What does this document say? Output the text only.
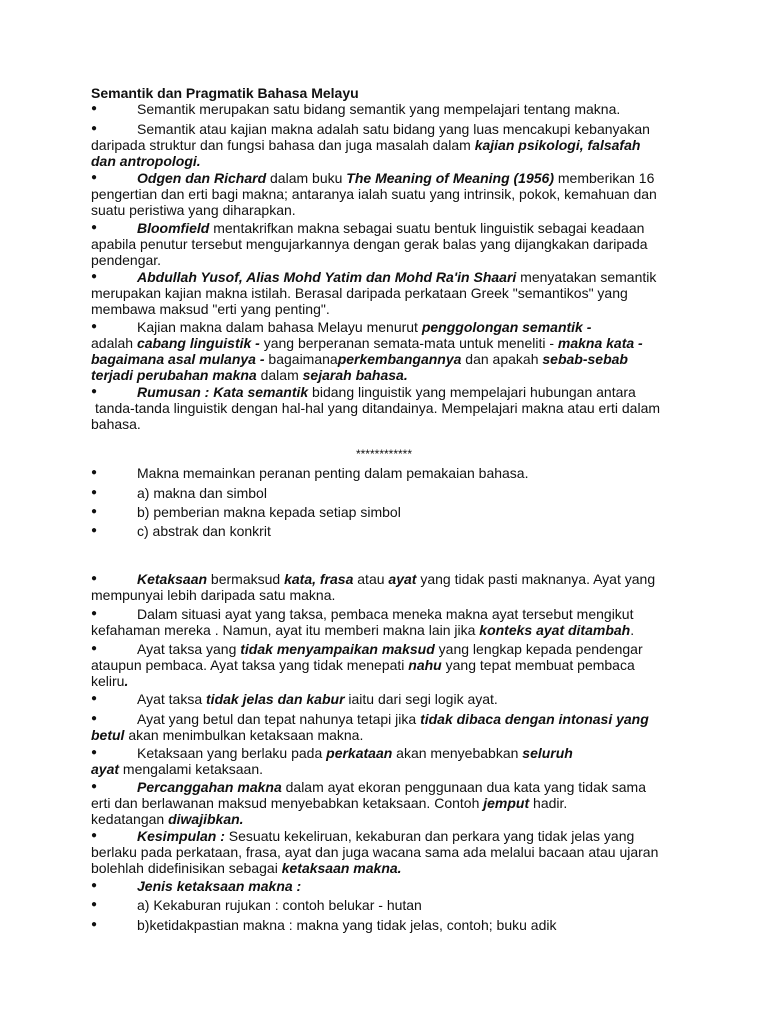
Semantik dan Pragmatik Bahasa Melayu
************
●
Semantik merupakan satu bidang semantik yang mempelajari tentang makna.
●
Semantik atau kajian makna adalah satu bidang yang luas mencakupi kebanyakan
daripada struktur dan fungsi bahasa dan juga masalah dalam kajian psikologi, falsafah
dan antropologi.
●
Odgen dan Richard dalam buku The Meaning of Meaning (1956) memberikan 16
pengertian dan erti bagi makna; antaranya ialah suatu yang intrinsik, pokok, kemahuan dan
suatu peristiwa yang diharapkan.
●
Bloomfield mentakrifkan makna sebagai suatu bentuk linguistik sebagai keadaan
apabila penutur tersebut mengujarkannya dengan gerak balas yang dijangkakan daripada
pendengar.
●
Abdullah Yusof, Alias Mohd Yatim dan Mohd Ra'in Shaari menyatakan semantik
merupakan kajian makna istilah. Berasal daripada perkataan Greek "semantikos" yang
membawa maksud "erti yang penting".
●
Kajian makna dalam bahasa Melayu menurut penggolongan semantik -
adalah cabang linguistik - yang berperanan semata-mata untuk meneliti - makna kata -
bagaimana asal mulanya - bagaimanaperkembangannya dan apakah sebab-sebab
terjadi perubahan makna dalam sejarah bahasa.
●
Rumusan : Kata semantik bidang linguistik yang mempelajari hubungan antara
tanda-tanda linguistik dengan hal-hal yang ditandainya. Mempelajari makna atau erti dalam
bahasa.
●
Makna memainkan peranan penting dalam pemakaian bahasa.
●
a) makna dan simbol
●
b) pemberian makna kepada setiap simbol
●
c) abstrak dan konkrit
●
Ketaksaan bermaksud kata, frasa atau ayat yang tidak pasti maknanya. Ayat yang
mempunyai lebih daripada satu makna.
●
Dalam situasi ayat yang taksa, pembaca meneka makna ayat tersebut mengikut
kefahaman mereka . Namun, ayat itu memberi makna lain jika konteks ayat ditambah.
●
Ayat taksa yang tidak menyampaikan maksud yang lengkap kepada pendengar
ataupun pembaca. Ayat taksa yang tidak menepati nahu yang tepat membuat pembaca
keliru.
●
Ayat taksa tidak jelas dan kabur iaitu dari segi logik ayat.
●
Ayat yang betul dan tepat nahunya tetapi jika tidak dibaca dengan intonasi yang
betul akan menimbulkan ketaksaan makna.
●
Ketaksaan yang berlaku pada perkataan akan menyebabkan seluruh
ayat mengalami ketaksaan.
●
Percanggahan makna dalam ayat ekoran penggunaan dua kata yang tidak sama
erti dan berlawanan maksud menyebabkan ketaksaan. Contoh jemput hadir.
kedatangan diwajibkan.
●
Kesimpulan : Sesuatu kekeliruan, kekaburan dan perkara yang tidak jelas yang
berlaku pada perkataan, frasa, ayat dan juga wacana sama ada melalui bacaan atau ujaran
bolehlah didefinisikan sebagai ketaksaan makna.
●
Jenis ketaksaan makna :
●
a) Kekaburan rujukan : contoh belukar - hutan
●
b)ketidakpastian makna : makna yang tidak jelas, contoh; buku adik
